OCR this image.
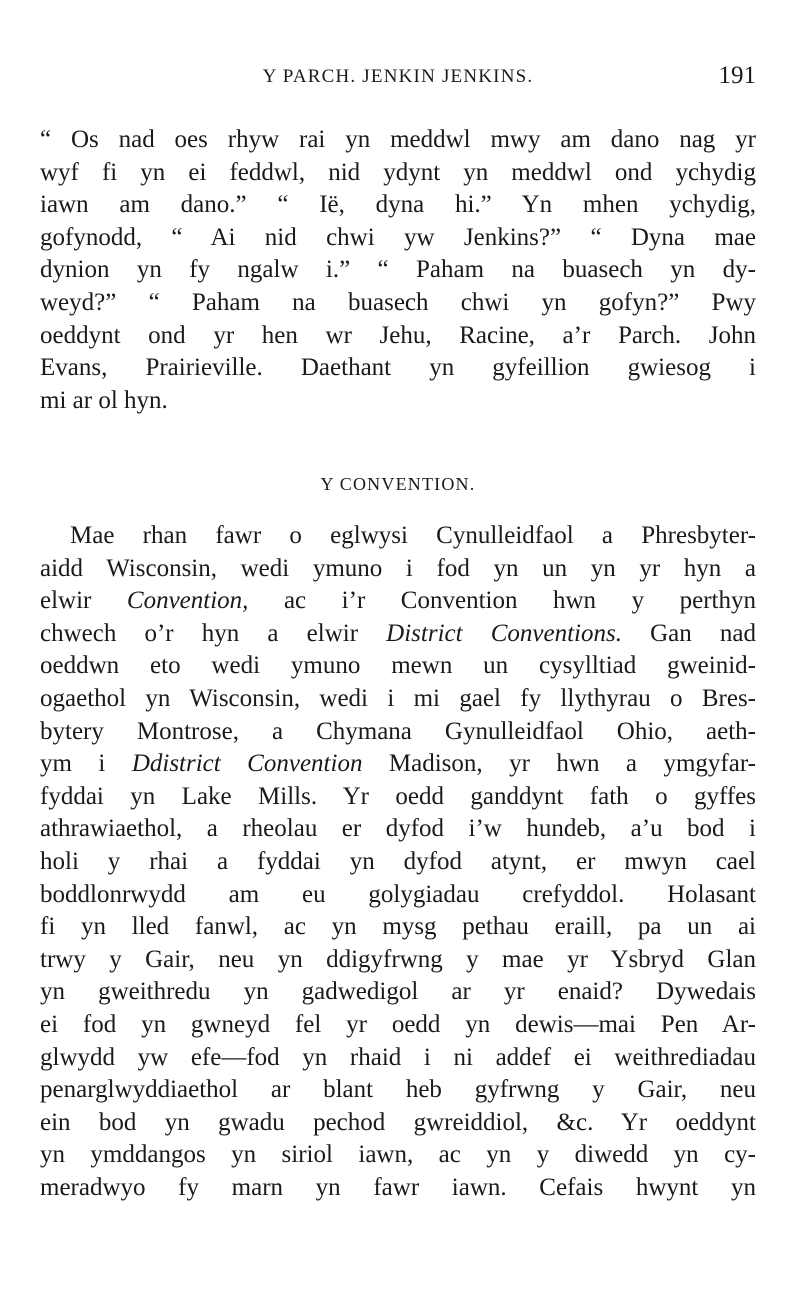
Y PARCH. JENKIN JENKINS.	191
“ Os nad oes rhyw rai yn meddwl mwy am dano nag yr
wyf fi yn ei feddwl, nid ydynt yn meddwl ond ychydig
iawn am dano.” “ Ië, dyna hi.” Yn mhen ychydig,
gofynodd, “ Ai nid chwi yw Jenkins?” “ Dyna mae
dynion yn fy ngalw i.” “ Paham na buasech yn dy-
weyd?” “ Paham na buasech chwi yn gofyn?” Pwy
oeddynt ond yr hen wr Jehu, Racine, a’r Parch. John
Evans, Prairieville. Daethant yn gyfeillion gwiesog i
mi ar ol hyn.
Y CONVENTION.
Mae rhan fawr o eglwysi Cynulleidfaol a Phresbyter-
aidd Wisconsin, wedi ymuno i fod yn un yn yr hyn a
elwir Convention, ac i’r Convention hwn y perthyn
chwech o’r hyn a elwir District Conventions. Gan nad
oeddwn eto wedi ymuno mewn un cysylltiad gweinid-
ogaethol yn Wisconsin, wedi i mi gael fy llythyrau o Bres-
bytery Montrose, a Chymana Gynulleidfaol Ohio, aeth-
ym i Ddistrict Convention Madison, yr hwn a ymgyfar-
fyddai yn Lake Mills. Yr oedd ganddynt fath o gyffes
athrawiaethol, a rheolau er dyfod i’w hundeb, a’u bod i
holi y rhai a fyddai yn dyfod atynt, er mwyn cael
boddlonrwydd am eu golygiadau crefyddol. Holasant
fi yn lled fanwl, ac yn mysg pethau eraill, pa un ai
trwy y Gair, neu yn ddigyfrwng y mae yr Ysbryd Glan
yn gweithredu yn gadwedigol ar yr enaid? Dywedais
ei fod yn gwneyd fel yr oedd yn dewis—mai Pen Ar-
glwydd yw efe—fod yn rhaid i ni addef ei weithrediadau
penarglwyddiaethol ar blant heb gyfrwng y Gair, neu
ein bod yn gwadu pechod gwreiddiol, &c. Yr oeddynt
yn ymddangos yn siriol iawn, ac yn y diwedd yn cy-
meradwyo fy marn yn fawr iawn. Cefais hwynt yn
